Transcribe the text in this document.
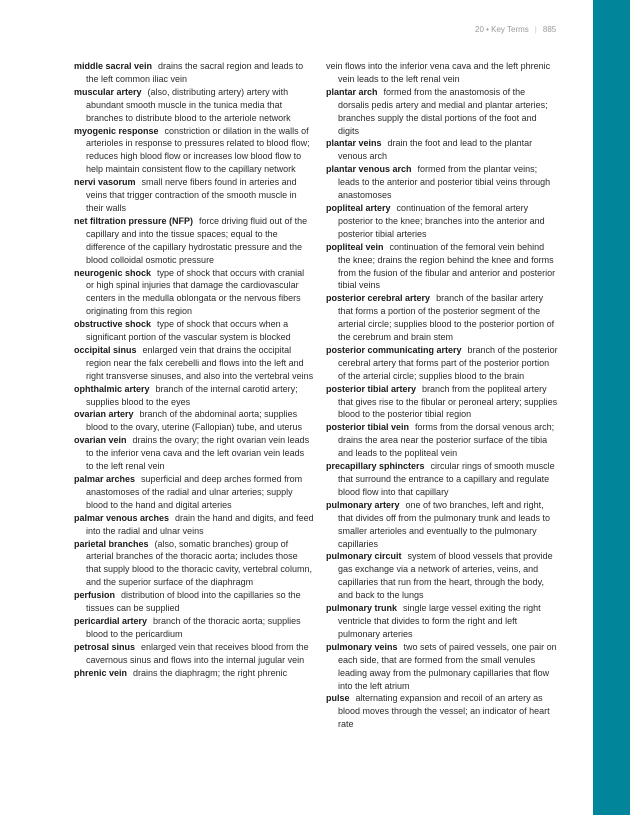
20 • Key Terms | 885

middle sacral vein drains the sacral region and leads to the left common iliac vein

muscular artery (also, distributing artery) artery with abundant smooth muscle in the tunica media that branches to distribute blood to the arteriole network

myogenic response constriction or dilation in the walls of arterioles in response to pressures related to blood flow; reduces high blood flow or increases low blood flow to help maintain consistent flow to the capillary network

nervi vasorum small nerve fibers found in arteries and veins that trigger contraction of the smooth muscle in their walls

net filtration pressure (NFP) force driving fluid out of the capillary and into the tissue spaces; equal to the difference of the capillary hydrostatic pressure and the blood colloidal osmotic pressure

neurogenic shock type of shock that occurs with cranial or high spinal injuries that damage the cardiovascular centers in the medulla oblongata or the nervous fibers originating from this region

obstructive shock type of shock that occurs when a significant portion of the vascular system is blocked

occipital sinus enlarged vein that drains the occipital region near the falx cerebelli and flows into the left and right transverse sinuses, and also into the vertebral veins

ophthalmic artery branch of the internal carotid artery; supplies blood to the eyes

ovarian artery branch of the abdominal aorta; supplies blood to the ovary, uterine (Fallopian) tube, and uterus

ovarian vein drains the ovary; the right ovarian vein leads to the inferior vena cava and the left ovarian vein leads to the left renal vein

palmar arches superficial and deep arches formed from anastomoses of the radial and ulnar arteries; supply blood to the hand and digital arteries

palmar venous arches drain the hand and digits, and feed into the radial and ulnar veins

parietal branches (also, somatic branches) group of arterial branches of the thoracic aorta; includes those that supply blood to the thoracic cavity, vertebral column, and the superior surface of the diaphragm

perfusion distribution of blood into the capillaries so the tissues can be supplied

pericardial artery branch of the thoracic aorta; supplies blood to the pericardium

petrosal sinus enlarged vein that receives blood from the cavernous sinus and flows into the internal jugular vein

phrenic vein drains the diaphragm; the right phrenic

vein flows into the inferior vena cava and the left phrenic vein leads to the left renal vein

plantar arch formed from the anastomosis of the dorsalis pedis artery and medial and plantar arteries; branches supply the distal portions of the foot and digits

plantar veins drain the foot and lead to the plantar venous arch

plantar venous arch formed from the plantar veins; leads to the anterior and posterior tibial veins through anastomoses

popliteal artery continuation of the femoral artery posterior to the knee; branches into the anterior and posterior tibial arteries

popliteal vein continuation of the femoral vein behind the knee; drains the region behind the knee and forms from the fusion of the fibular and anterior and posterior tibial veins

posterior cerebral artery branch of the basilar artery that forms a portion of the posterior segment of the arterial circle; supplies blood to the posterior portion of the cerebrum and brain stem

posterior communicating artery branch of the posterior cerebral artery that forms part of the posterior portion of the arterial circle; supplies blood to the brain

posterior tibial artery branch from the popliteal artery that gives rise to the fibular or peroneal artery; supplies blood to the posterior tibial region

posterior tibial vein forms from the dorsal venous arch; drains the area near the posterior surface of the tibia and leads to the popliteal vein

precapillary sphincters circular rings of smooth muscle that surround the entrance to a capillary and regulate blood flow into that capillary

pulmonary artery one of two branches, left and right, that divides off from the pulmonary trunk and leads to smaller arterioles and eventually to the pulmonary capillaries

pulmonary circuit system of blood vessels that provide gas exchange via a network of arteries, veins, and capillaries that run from the heart, through the body, and back to the lungs

pulmonary trunk single large vessel exiting the right ventricle that divides to form the right and left pulmonary arteries

pulmonary veins two sets of paired vessels, one pair on each side, that are formed from the small venules leading away from the pulmonary capillaries that flow into the left atrium

pulse alternating expansion and recoil of an artery as blood moves through the vessel; an indicator of heart rate
